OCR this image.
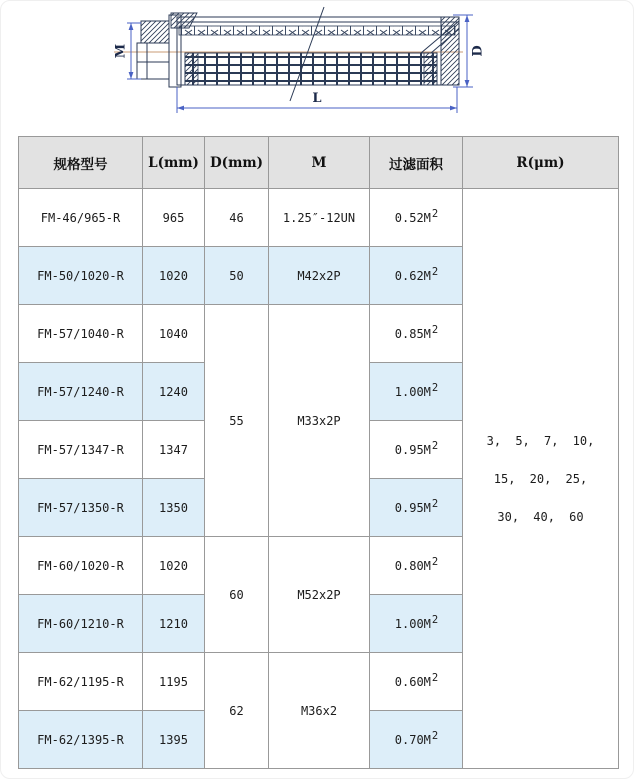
M	D
L
规格型号	L(mm)	D(mm)	M	过滤面积	R(μm)
FM-46/965-R	965	46	1.25″-12UN	0.52M2	3, 5, 7, 10,
15, 20, 25,
30, 40, 60

FM-50/1020-R	1020	50	M42x2P	0.62M2	
FM-57/1040-R	1040	55	M33x2P	0.85M2	
FM-57/1240-R	1240			1.00M2	
FM-57/1347-R	1347			0.95M2	
FM-57/1350-R	1350			0.95M2	
FM-60/1020-R	1020	60	M52x2P	0.80M2	
FM-60/1210-R	1210			1.00M2	
FM-62/1195-R	1195	62	M36x2	0.60M2	
FM-62/1395-R	1395			0.70M2	
